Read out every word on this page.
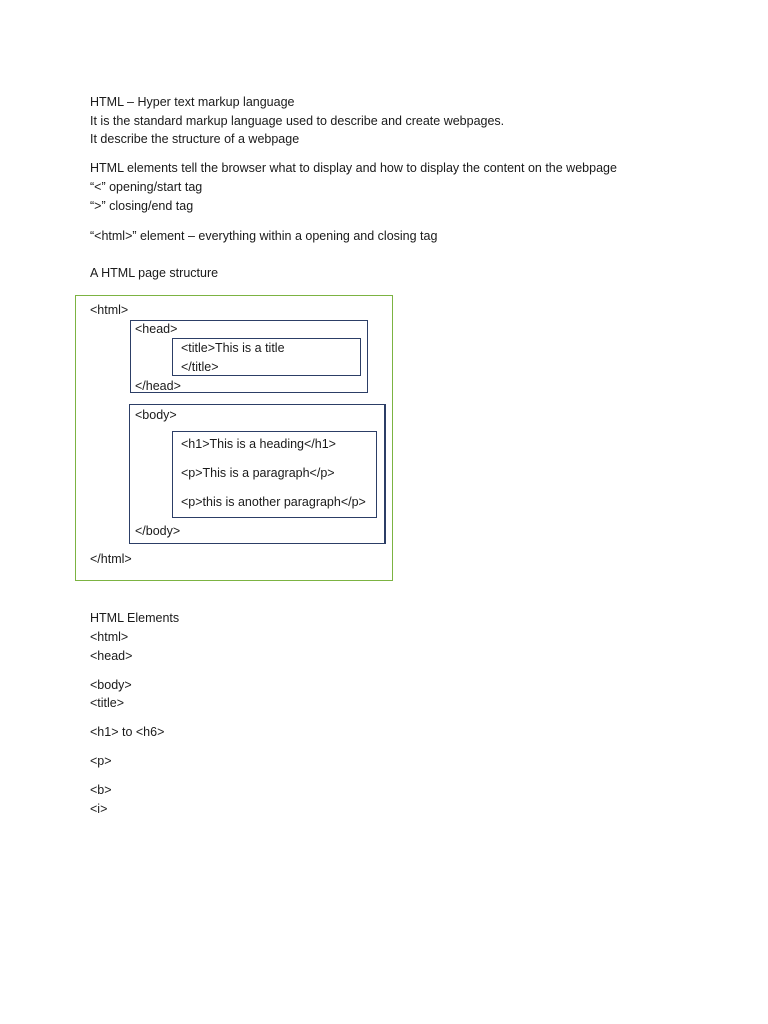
HTML – Hyper text markup language
It is the standard markup language used to describe and create webpages.
It describe the structure of a webpage
HTML elements tell the browser what to display and how to display the content on the webpage
“<” opening/start tag
“>” closing/end tag
“<html>” element – everything within a opening and closing tag
A HTML page structure
<html>
<head>
<title>This is a title
</title>
</head>
<body>
<h1>This is a heading</h1>
<p>This is a paragraph</p>
<p>this is another paragraph</p>
</body>
</html>
HTML Elements
<html>
<head>
<body>
<title>
<h1> to <h6>
<p>
<b>
<i>
